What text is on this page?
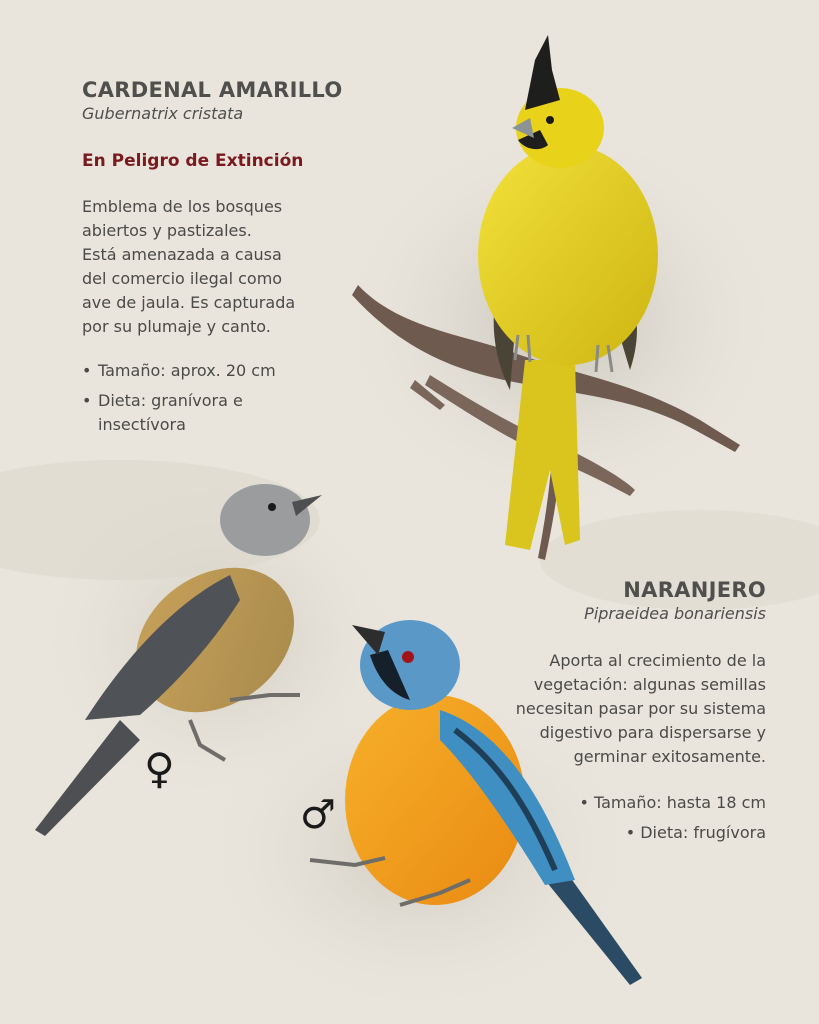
CARDENAL AMARILLO

Gubernatrix cristata

En Peligro de Extinción

Emblema de los bosques

abiertos y pastizales.

Está amenazada a causa

del comercio ilegal como

ave de jaula. Es capturada

por su plumaje y canto.

• Tamaño: aprox. 20 cm
• Dieta: granívora e
insectívora
NARANJERO

Pipraeidea bonariensis

Aporta al crecimiento de la

vegetación: algunas semillas

necesitan pasar por su sistema

digestivo para dispersarse y

germinar exitosamente.

• Tamaño: hasta 18 cm
• Dieta: frugívora
♀
♂
